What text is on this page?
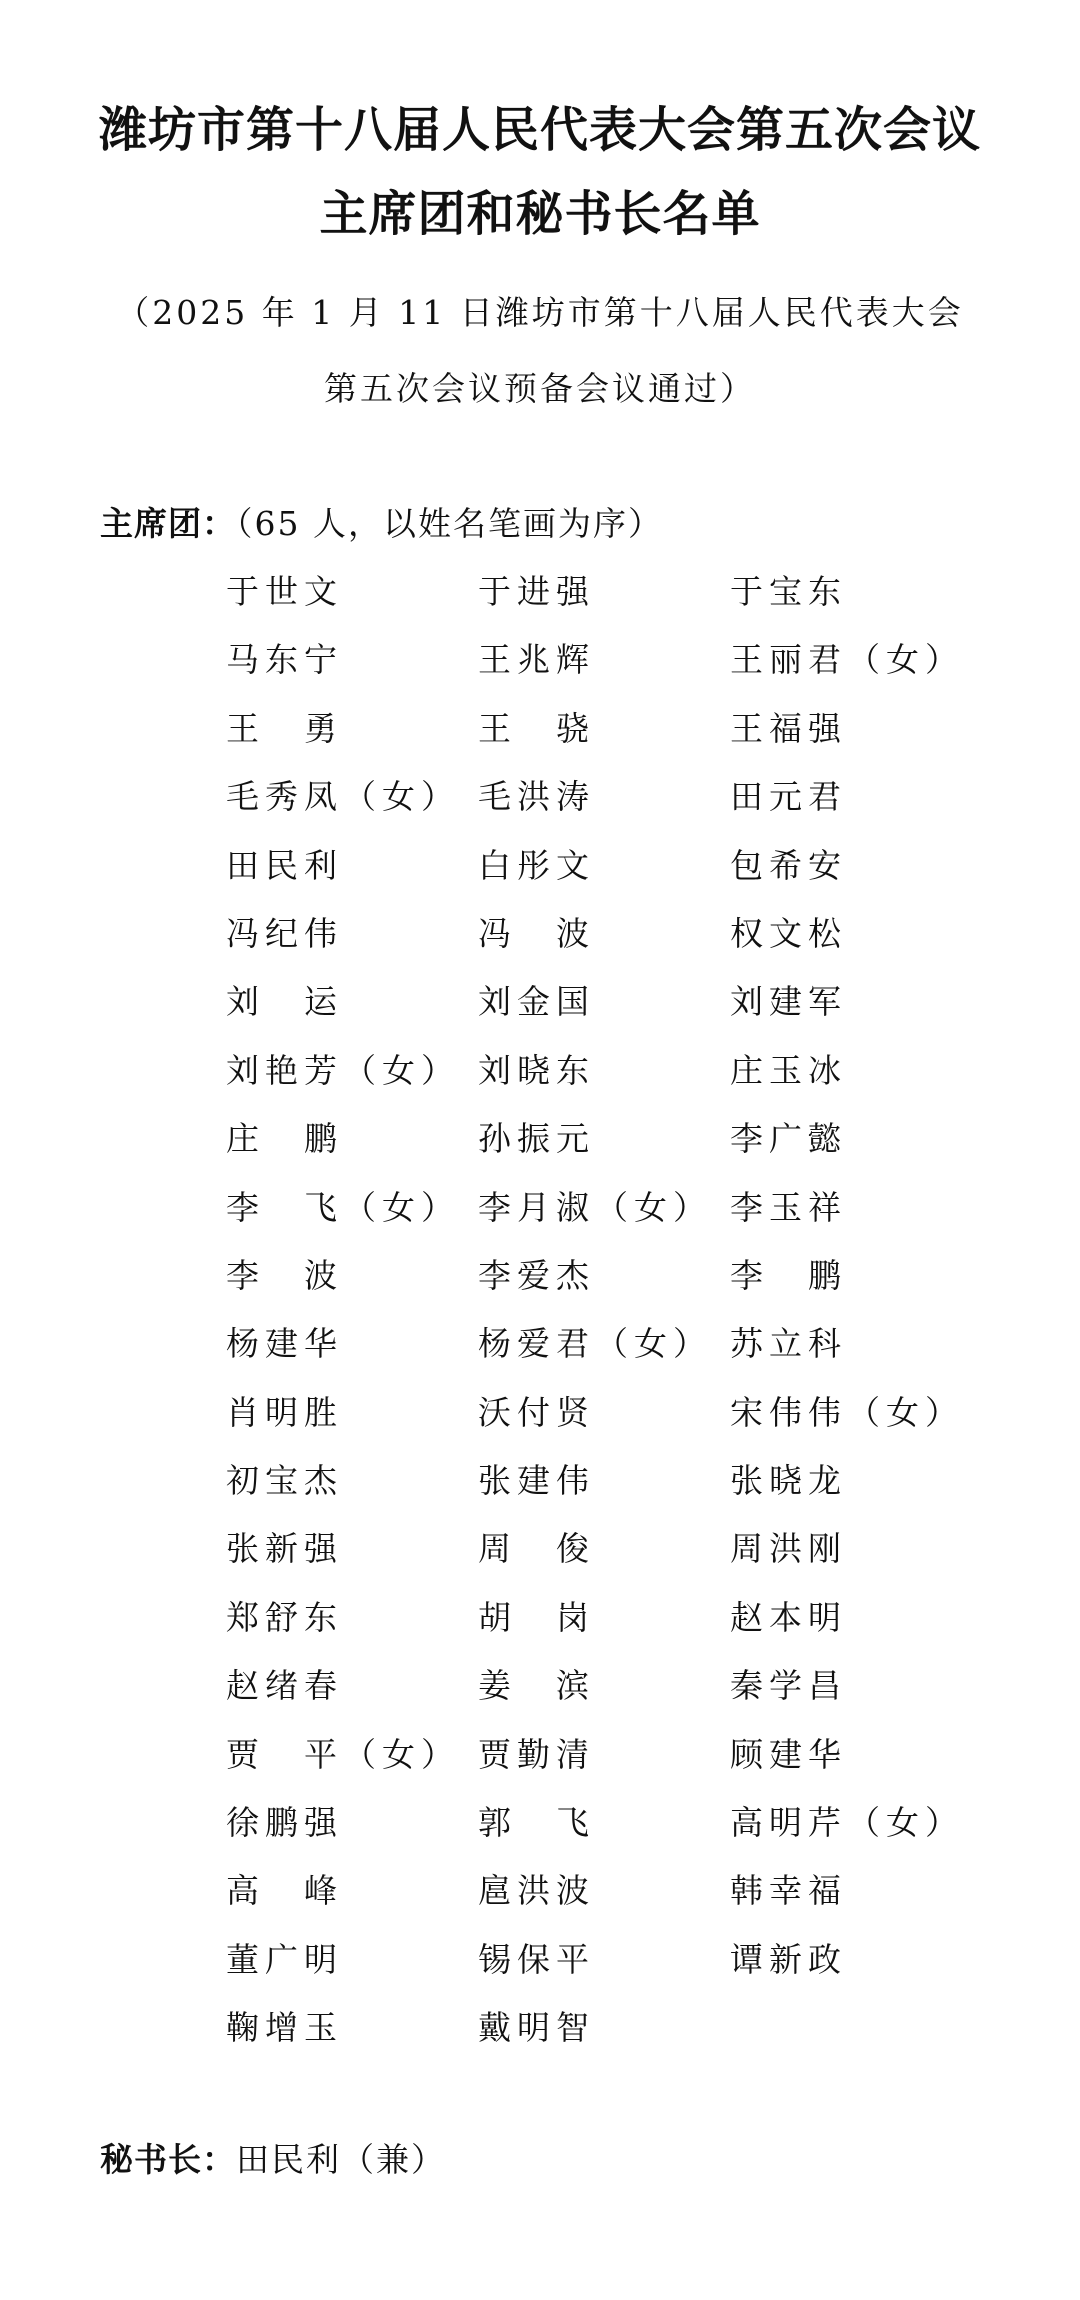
潍坊市第十八届人民代表大会第五次会议
主席团和秘书长名单
（2025 年 1 月 11 日潍坊市第十八届人民代表大会
第五次会议预备会议通过）
主席团：（65 人，以姓名笔画为序）
于世文	于进强	于宝东
马东宁	王兆辉	王丽君（女）
王　勇	王　骁	王福强
毛秀凤（女） 毛洪涛	田元君
田民利	白彤文	包希安
冯纪伟	冯　波	权文松
刘　运	刘金国	刘建军
刘艳芳（女） 刘晓东	庄玉冰
庄　鹏	孙振元	李广懿
李　飞（女） 李月淑（女） 李玉祥
李　波	李爱杰	李　鹏
杨建华	杨爱君（女） 苏立科
肖明胜	沃付贤	宋伟伟（女）
初宝杰	张建伟	张晓龙
张新强	周　俊	周洪刚
郑舒东	胡　岗	赵本明
赵绪春	姜　滨	秦学昌
贾　平（女） 贾勤清	顾建华
徐鹏强	郭　飞	高明芹（女）
高　峰	扈洪波	韩幸福
董广明	锡保平	谭新政
鞠增玉	戴明智
秘书长：田民利（兼）
